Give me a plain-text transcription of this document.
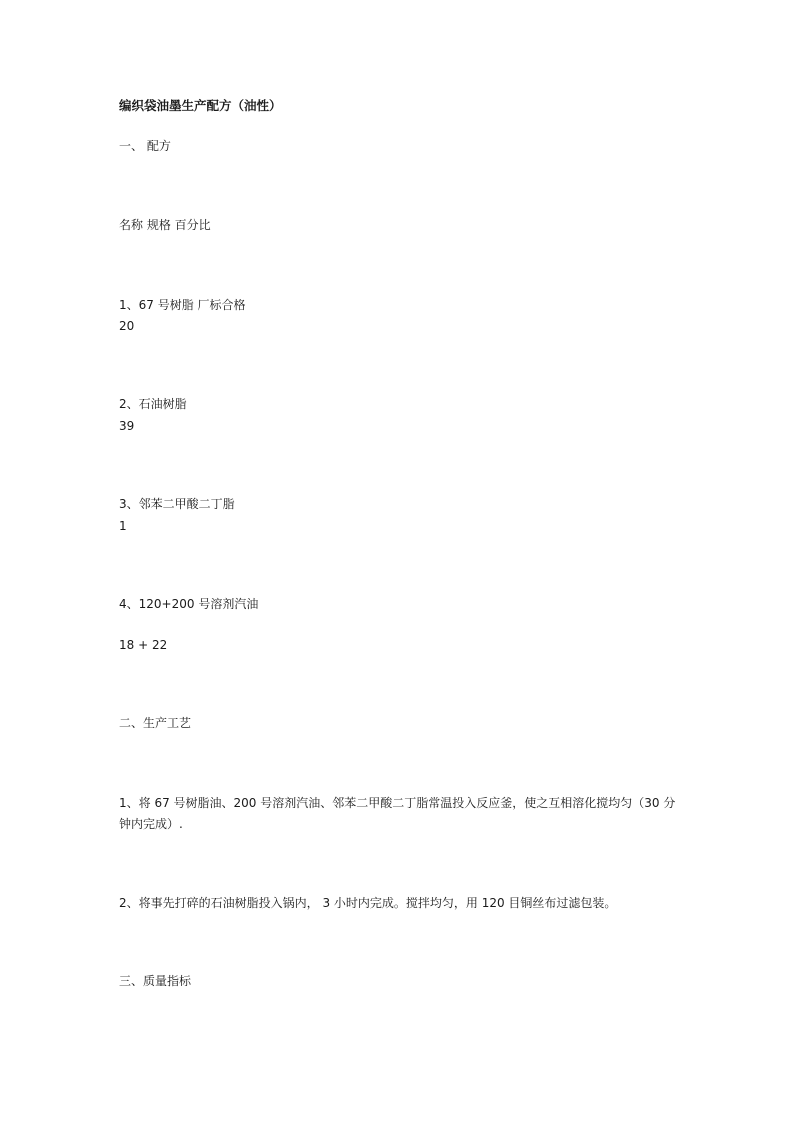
编织袋油墨生产配方（油性）
一、 配方
名称 规格 百分比
1、67 号树脂 厂标合格
20
2、石油树脂
39
3、邻苯二甲酸二丁脂
1
4、120+200 号溶剂汽油
18 + 22
二、生产工艺
1、将 67 号树脂油、200 号溶剂汽油、邻苯二甲酸二丁脂常温投入反应釜，使之互相溶化搅均匀（30 分钟内完成）.
2、将事先打碎的石油树脂投入锅内， 3 小时内完成。搅拌均匀，用 120 目铜丝布过滤包装。
三、质量指标
